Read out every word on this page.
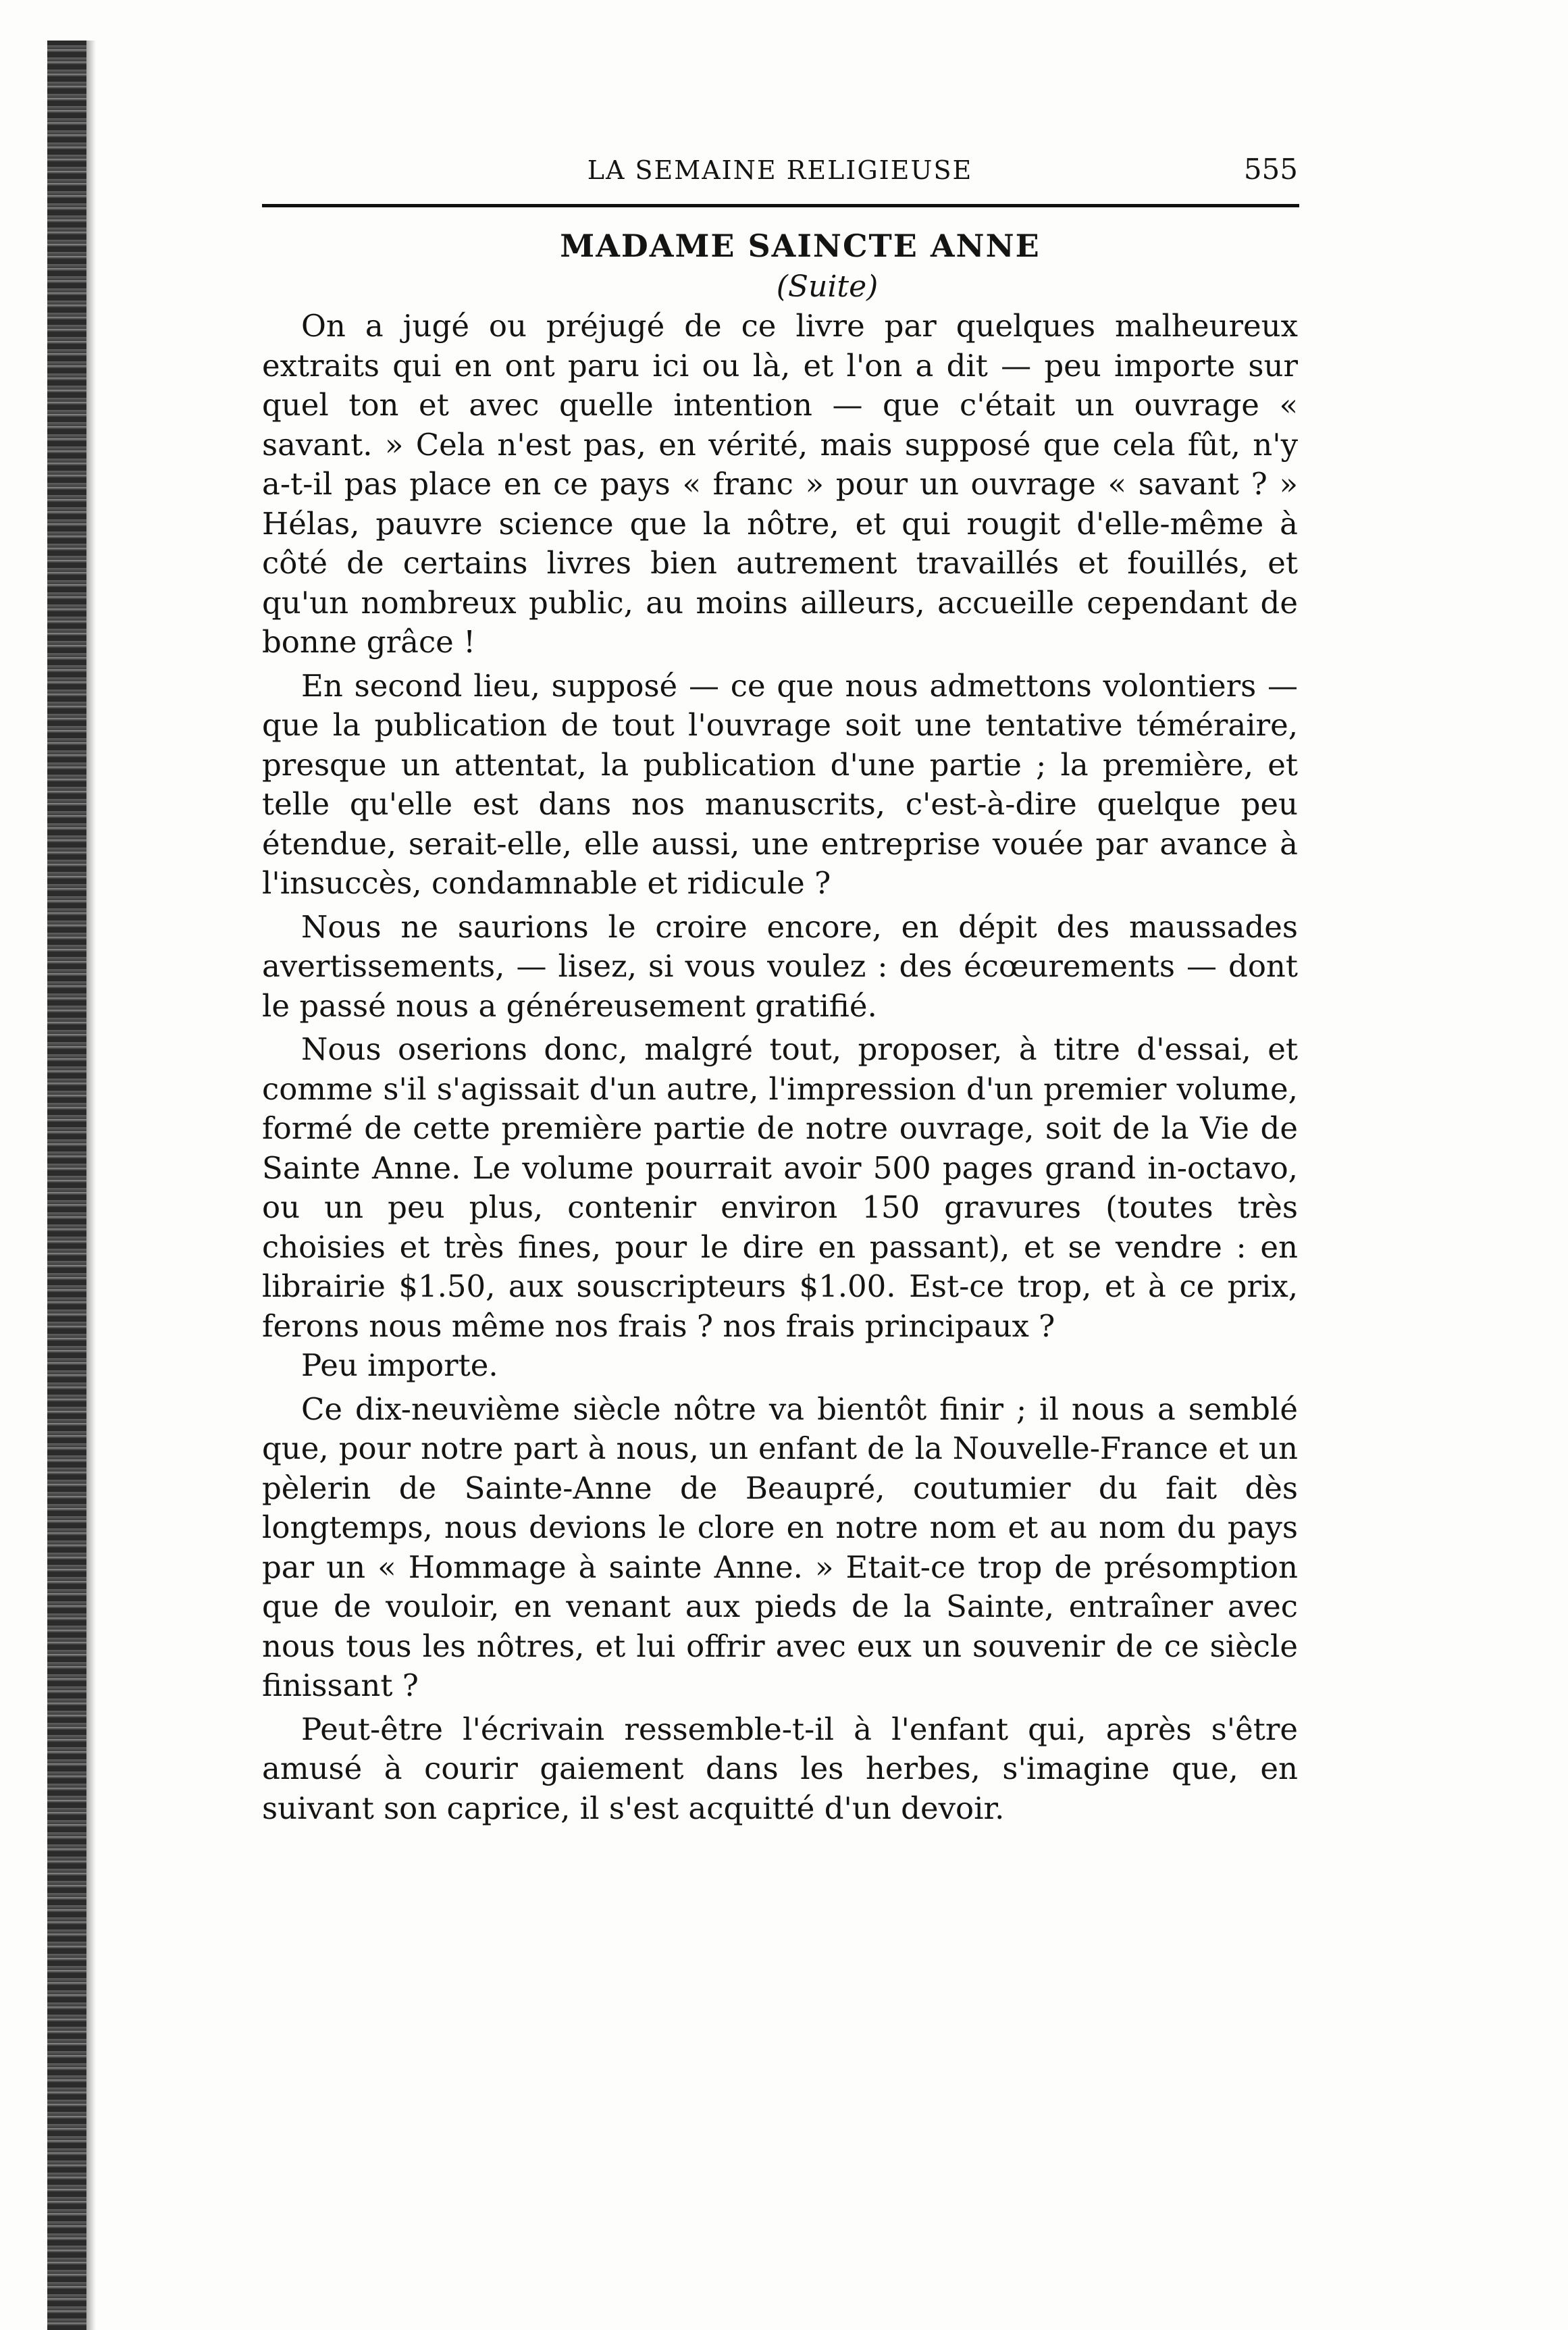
LA SEMAINE RELIGIEUSE	555
MADAME SAINCTE ANNE
(Suite)

On a jugé ou préjugé de ce livre par quelques malheureux extraits qui en ont paru ici ou là, et l'on a dit — peu importe sur quel ton et avec quelle intention — que c'était un ouvrage « savant. » Cela n'est pas, en vérité, mais supposé que cela fût, n'y a-t-il pas place en ce pays « franc » pour un ouvrage « savant ? » Hélas, pauvre science que la nôtre, et qui rougit d'elle-même à côté de certains livres bien autrement travaillés et fouillés, et qu'un nombreux public, au moins ailleurs, accueille cependant de bonne grâce !

En second lieu, supposé — ce que nous admettons volontiers — que la publication de tout l'ouvrage soit une tentative téméraire, presque un attentat, la publication d'une partie ; la première, et telle qu'elle est dans nos manuscrits, c'est-à-dire quelque peu étendue, serait-elle, elle aussi, une entreprise vouée par avance à l'insuccès, condamnable et ridicule ?

Nous ne saurions le croire encore, en dépit des maussades avertissements, — lisez, si vous voulez : des écœurements — dont le passé nous a généreusement gratifié.

Nous oserions donc, malgré tout, proposer, à titre d'essai, et comme s'il s'agissait d'un autre, l'impression d'un premier volume, formé de cette première partie de notre ouvrage, soit de la Vie de Sainte Anne. Le volume pourrait avoir 500 pages grand in-octavo, ou un peu plus, contenir environ 150 gravures (toutes très choisies et très fines, pour le dire en passant), et se vendre : en librairie $1.50, aux souscripteurs $1.00. Est-ce trop, et à ce prix, ferons nous même nos frais ? nos frais principaux ?

Peu importe.

Ce dix-neuvième siècle nôtre va bientôt finir ; il nous a semblé que, pour notre part à nous, un enfant de la Nouvelle-France et un pèlerin de Sainte-Anne de Beaupré, coutumier du fait dès longtemps, nous devions le clore en notre nom et au nom du pays par un « Hommage à sainte Anne. » Etait-ce trop de présomption que de vouloir, en venant aux pieds de la Sainte, entraîner avec nous tous les nôtres, et lui offrir avec eux un souvenir de ce siècle finissant ?

Peut-être l'écrivain ressemble-t-il à l'enfant qui, après s'être amusé à courir gaiement dans les herbes, s'imagine que, en suivant son caprice, il s'est acquitté d'un devoir.
